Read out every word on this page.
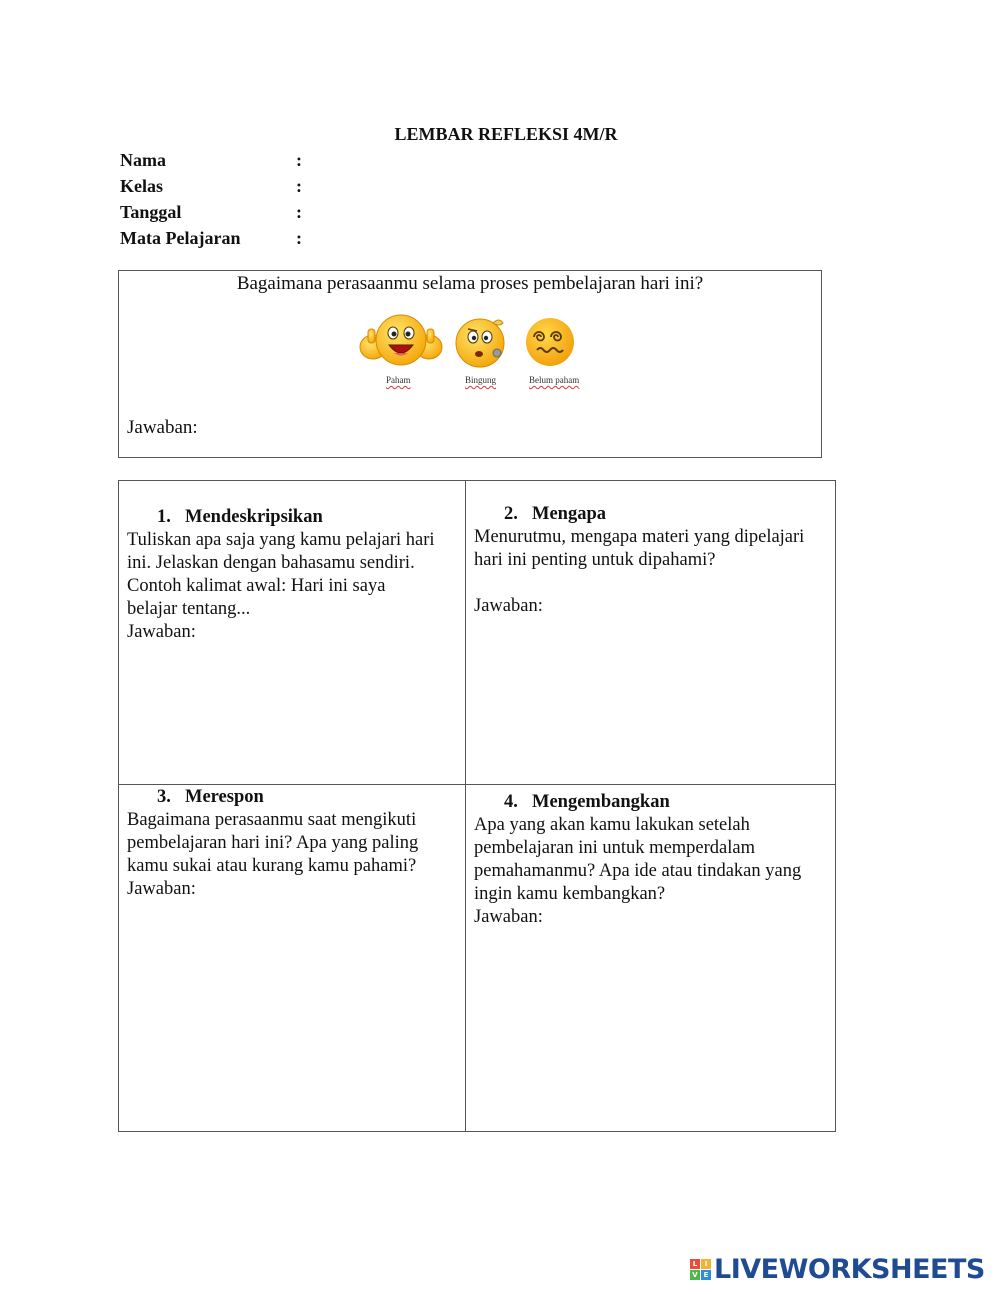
LEMBAR REFLEKSI 4M/R
Nama	:
Kelas	:
Tanggal	:
Mata Pelajaran	:
Bagaimana perasaanmu selama proses pembelajaran hari ini?
Paham	Bingung	Belum paham
Jawaban:
1. Mendeskripsikan

Tuliskan apa saja yang kamu pelajari hari

ini. Jelaskan dengan bahasamu sendiri.

Contoh kalimat awal: Hari ini saya

belajar tentang...

Jawaban:

2. Mengapa

Menurutmu, mengapa materi yang dipelajari

hari ini penting untuk dipahami?

Jawaban:

3. Merespon

Bagaimana perasaanmu saat mengikuti

pembelajaran hari ini? Apa yang paling

kamu sukai atau kurang kamu pahami?

Jawaban:

4. Mengembangkan

Apa yang akan kamu lakukan setelah

pembelajaran ini untuk memperdalam

pemahamanmu? Apa ide atau tindakan yang

ingin kamu kembangkan?

Jawaban:

L	I
V E LIVEWORKSHEETS
